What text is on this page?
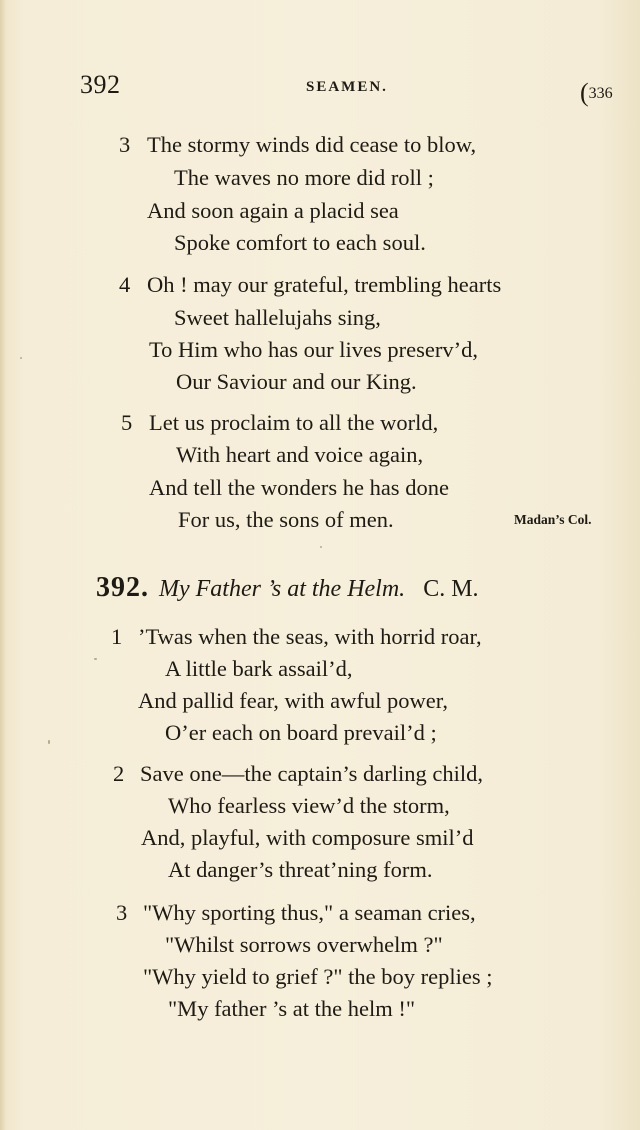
392	SEAMEN.	(336
3 The stormy winds did cease to blow,
The waves no more did roll ;
And soon again a placid sea
Spoke comfort to each soul.
4 Oh ! may our grateful, trembling hearts
Sweet hallelujahs sing,
To Him who has our lives preserv’d,
Our Saviour and our King.
5 Let us proclaim to all the world,
With heart and voice again,
And tell the wonders he has done
For us, the sons of men.	Madan’s Col.
392. My Father ’s at the Helm. C. M.
1 ’Twas when the seas, with horrid roar,
A little bark assail’d,
And pallid fear, with awful power,
O’er each on board prevail’d ;
2 Save one—the captain’s darling child,
Who fearless view’d the storm,
And, playful, with composure smil’d
At danger’s threat’ning form.
3 "Why sporting thus," a seaman cries,
"Whilst sorrows overwhelm ?"
"Why yield to grief ?" the boy replies ;
"My father ’s at the helm !"
